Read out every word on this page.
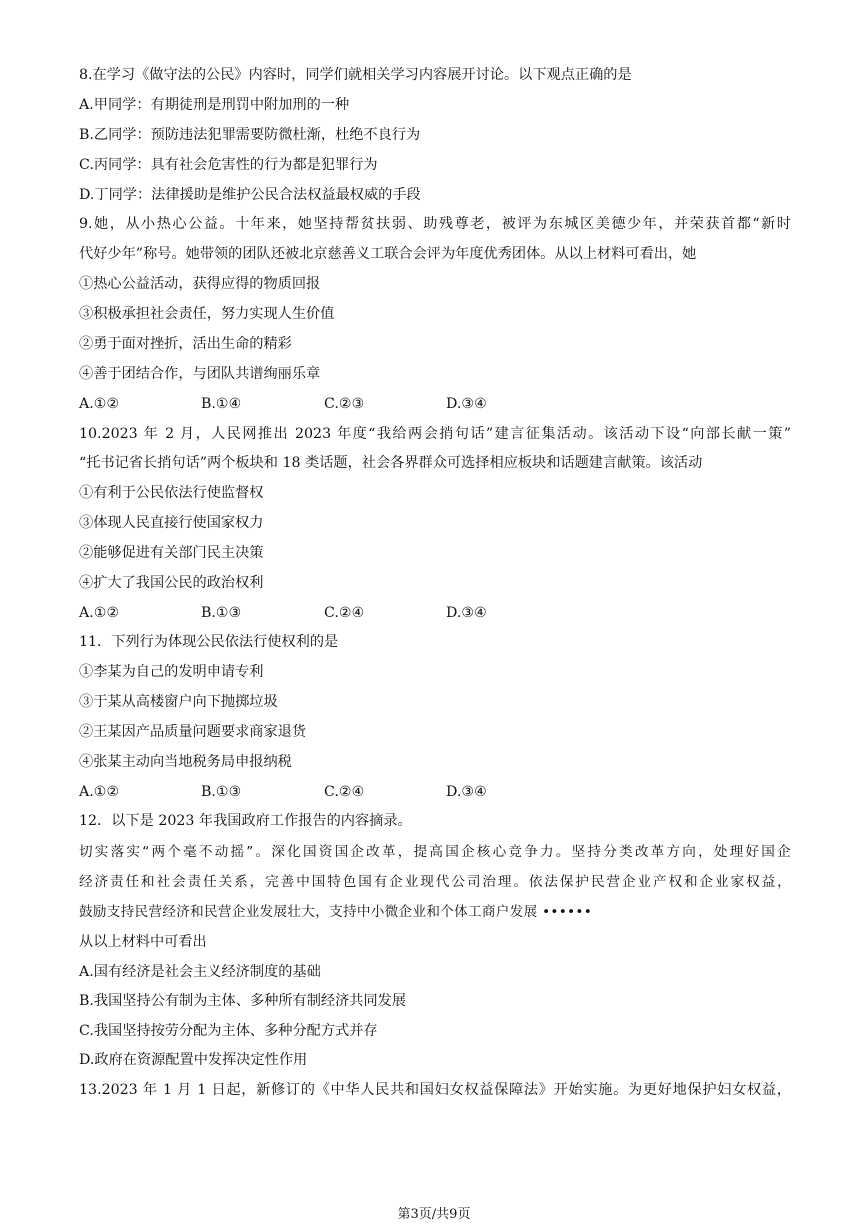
8.在学习《做守法的公民》内容时，同学们就相关学习内容展开讨论。以下观点正确的是
A.甲同学：有期徒刑是刑罚中附加刑的一种
B.乙同学：预防违法犯罪需要防微杜渐，杜绝不良行为
C.丙同学：具有社会危害性的行为都是犯罪行为
D.丁同学：法律援助是维护公民合法权益最权威的手段
9.她，从小热心公益。十年来，她坚持帮贫扶弱、助残尊老，被评为东城区美德少年，并荣获首都“新时
代好少年”称号。她带领的团队还被北京慈善义工联合会评为年度优秀团体。从以上材料可看出，她
①热心公益活动，获得应得的物质回报
③积极承担社会责任，努力实现人生价值
②勇于面对挫折，活出生命的精彩
④善于团结合作，与团队共谱绚丽乐章
A.①②	B.①④	C.②③	D.③④
10.2023 年 2 月，人民网推出 2023 年度“我给两会捎句话”建言征集活动。该活动下设“向部长献一策”
“托书记省长捎句话”两个板块和 18 类话题，社会各界群众可选择相应板块和话题建言献策。该活动
①有利于公民依法行使监督权
③体现人民直接行使国家权力
②能够促进有关部门民主决策
④扩大了我国公民的政治权利
A.①②	B.①③	C.②④	D.③④
11．下列行为体现公民依法行使权利的是
①李某为自己的发明申请专利
③于某从高楼窗户向下抛掷垃圾
②王某因产品质量问题要求商家退货
④张某主动向当地税务局申报纳税
A.①②	B.①③	C.②④	D.③④
12．以下是 2023 年我国政府工作报告的内容摘录。
切实落实“两个毫不动摇”。深化国资国企改革，提高国企核心竞争力。坚持分类改革方向，处理好国企
经济责任和社会责任关系，完善中国特色国有企业现代公司治理。依法保护民营企业产权和企业家权益，
鼓励支持民营经济和民营企业发展壮大，支持中小微企业和个体工商户发展 ••••••
从以上材料中可看出
A.国有经济是社会主义经济制度的基础
B.我国坚持公有制为主体、多种所有制经济共同发展
C.我国坚持按劳分配为主体、多种分配方式并存
D.政府在资源配置中发挥决定性作用
13.2023 年 1 月 1 日起，新修订的《中华人民共和国妇女权益保障法》开始实施。为更好地保护妇女权益，
第3页/共9页
